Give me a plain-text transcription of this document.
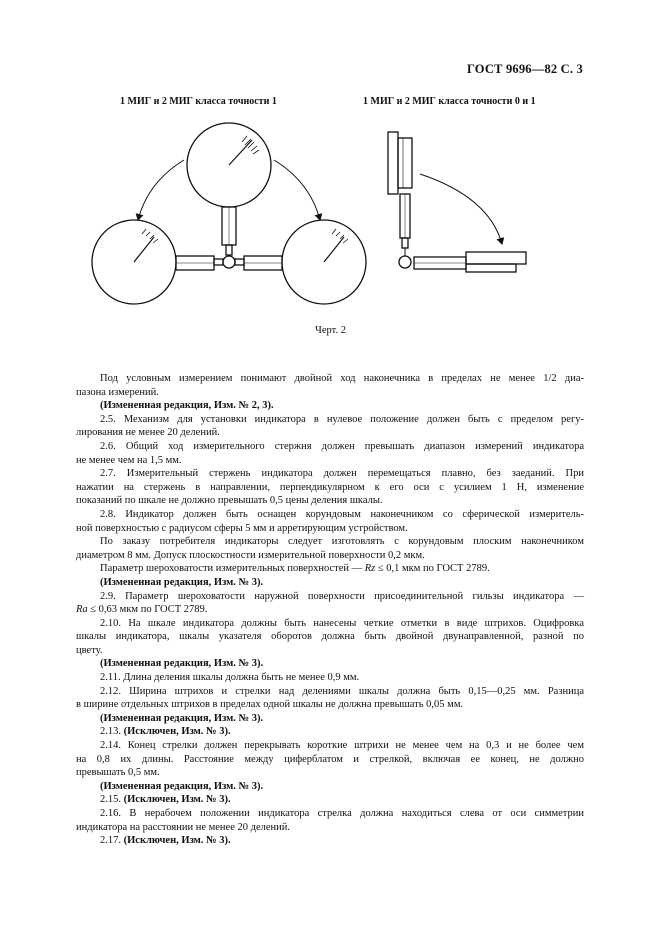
ГОСТ 9696—82 С. 3
1 МИГ и 2 МИГ класса точности 1	1 МИГ и 2 МИГ класса точности 0 и 1
Черт. 2

Под условным измерением понимают двойной ход наконечника в пределах не менее 1/2 диа-

пазона измерений.

(Измененная редакция, Изм. № 2, 3).

2.5. Механизм для установки индикатора в нулевое положение должен быть с пределом регу-

лирования не менее 20 делений.

2.6. Общий ход измерительного стержня должен превышать диапазон измерений индикатора

не менее чем на 1,5 мм.

2.7. Измерительный стержень индикатора должен перемещаться плавно, без заеданий. При

нажатии на стержень в направлении, перпендикулярном к его оси с усилием 1 Н, изменение

показаний по шкале не должно превышать 0,5 цены деления шкалы.

2.8. Индикатор должен быть оснащен корундовым наконечником со сферической измеритель-

ной поверхностью с радиусом сферы 5 мм и арретирующим устройством.

По заказу потребителя индикаторы следует изготовлять с корундовым плоским наконечником

диаметром 8 мм. Допуск плоскостности измерительной поверхности 0,2 мкм.

Параметр шероховатости измерительных поверхностей — Rz ≤ 0,1 мкм по ГОСТ 2789.

(Измененная редакция, Изм. № 3).

2.9. Параметр шероховатости наружной поверхности присоединительной гильзы индикатора —

Ra ≤ 0,63 мкм по ГОСТ 2789.

2.10. На шкале индикатора должны быть нанесены четкие отметки в виде штрихов. Оцифровка

шкалы индикатора, шкалы указателя оборотов должна быть двойной двунаправленной, разной по

цвету.

(Измененная редакция, Изм. № 3).

2.11. Длина деления шкалы должна быть не менее 0,9 мм.

2.12. Ширина штрихов и стрелки над делениями шкалы должна быть 0,15—0,25 мм. Разница

в ширине отдельных штрихов в пределах одной шкалы не должна превышать 0,05 мм.

(Измененная редакция, Изм. № 3).

2.13. (Исключен, Изм. № 3).

2.14. Конец стрелки должен перекрывать короткие штрихи не менее чем на 0,3 и не более чем

на 0,8 их длины. Расстояние между циферблатом и стрелкой, включая ее конец, не должно

превышать 0,5 мм.

(Измененная редакция, Изм. № 3).

2.15. (Исключен, Изм. № 3).

2.16. В нерабочем положении индикатора стрелка должна находиться слева от оси симметрии

индикатора на расстоянии не менее 20 делений.

2.17. (Исключен, Изм. № 3).
